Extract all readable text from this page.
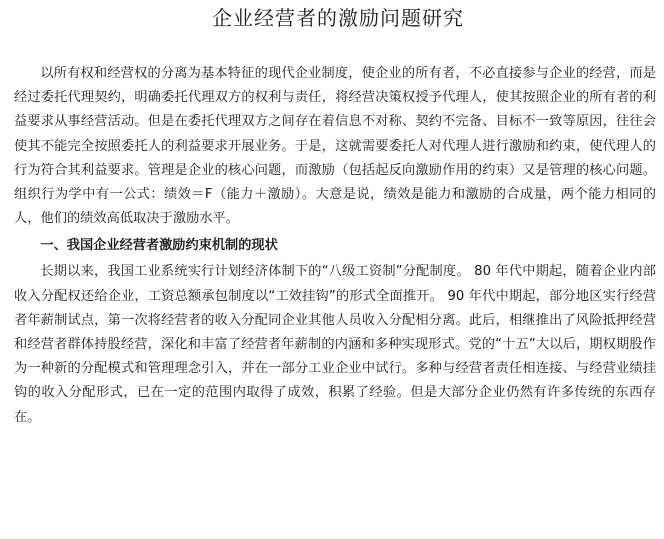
企业经营者的激励问题研究

以所有权和经营权的分离为基本特征的现代企业制度，使企业的所有者，不必直接参与企业的经营，而是经过委托代理契约，明确委托代理双方的权利与责任，将经营决策权授予代理人，使其按照企业的所有者的利益要求从事经营活动。但是在委托代理双方之间存在着信息不对称、契约不完备、目标不一致等原因，往往会使其不能完全按照委托人的利益要求开展业务。于是，这就需要委托人对代理人进行激励和约束，使代理人的行为符合其利益要求。管理是企业的核心问题，而激励（包括起反向激励作用的约束）又是管理的核心问题。组织行为学中有一公式：绩效＝F（能力＋激励）。大意是说，绩效是能力和激励的合成量，两个能力相同的人，他们的绩效高低取决于激励水平。

一、我国企业经营者激励约束机制的现状

长期以来，我国工业系统实行计划经济体制下的“八级工资制”分配制度。 80 年代中期起，随着企业内部收入分配权还给企业，工资总额承包制度以“工效挂钩”的形式全面推开。 90 年代中期起，部分地区实行经营者年薪制试点，第一次将经营者的收入分配同企业其他人员收入分配相分离。此后，相继推出了风险抵押经营和经营者群体持股经营，深化和丰富了经营者年薪制的内涵和多种实现形式。党的“十五”大以后，期权期股作为一种新的分配模式和管理理念引入，并在一部分工业企业中试行。多种与经营者责任相连接、与经营业绩挂钩的收入分配形式，已在一定的范围内取得了成效，积累了经验。但是大部分企业仍然有许多传统的东西存在。
